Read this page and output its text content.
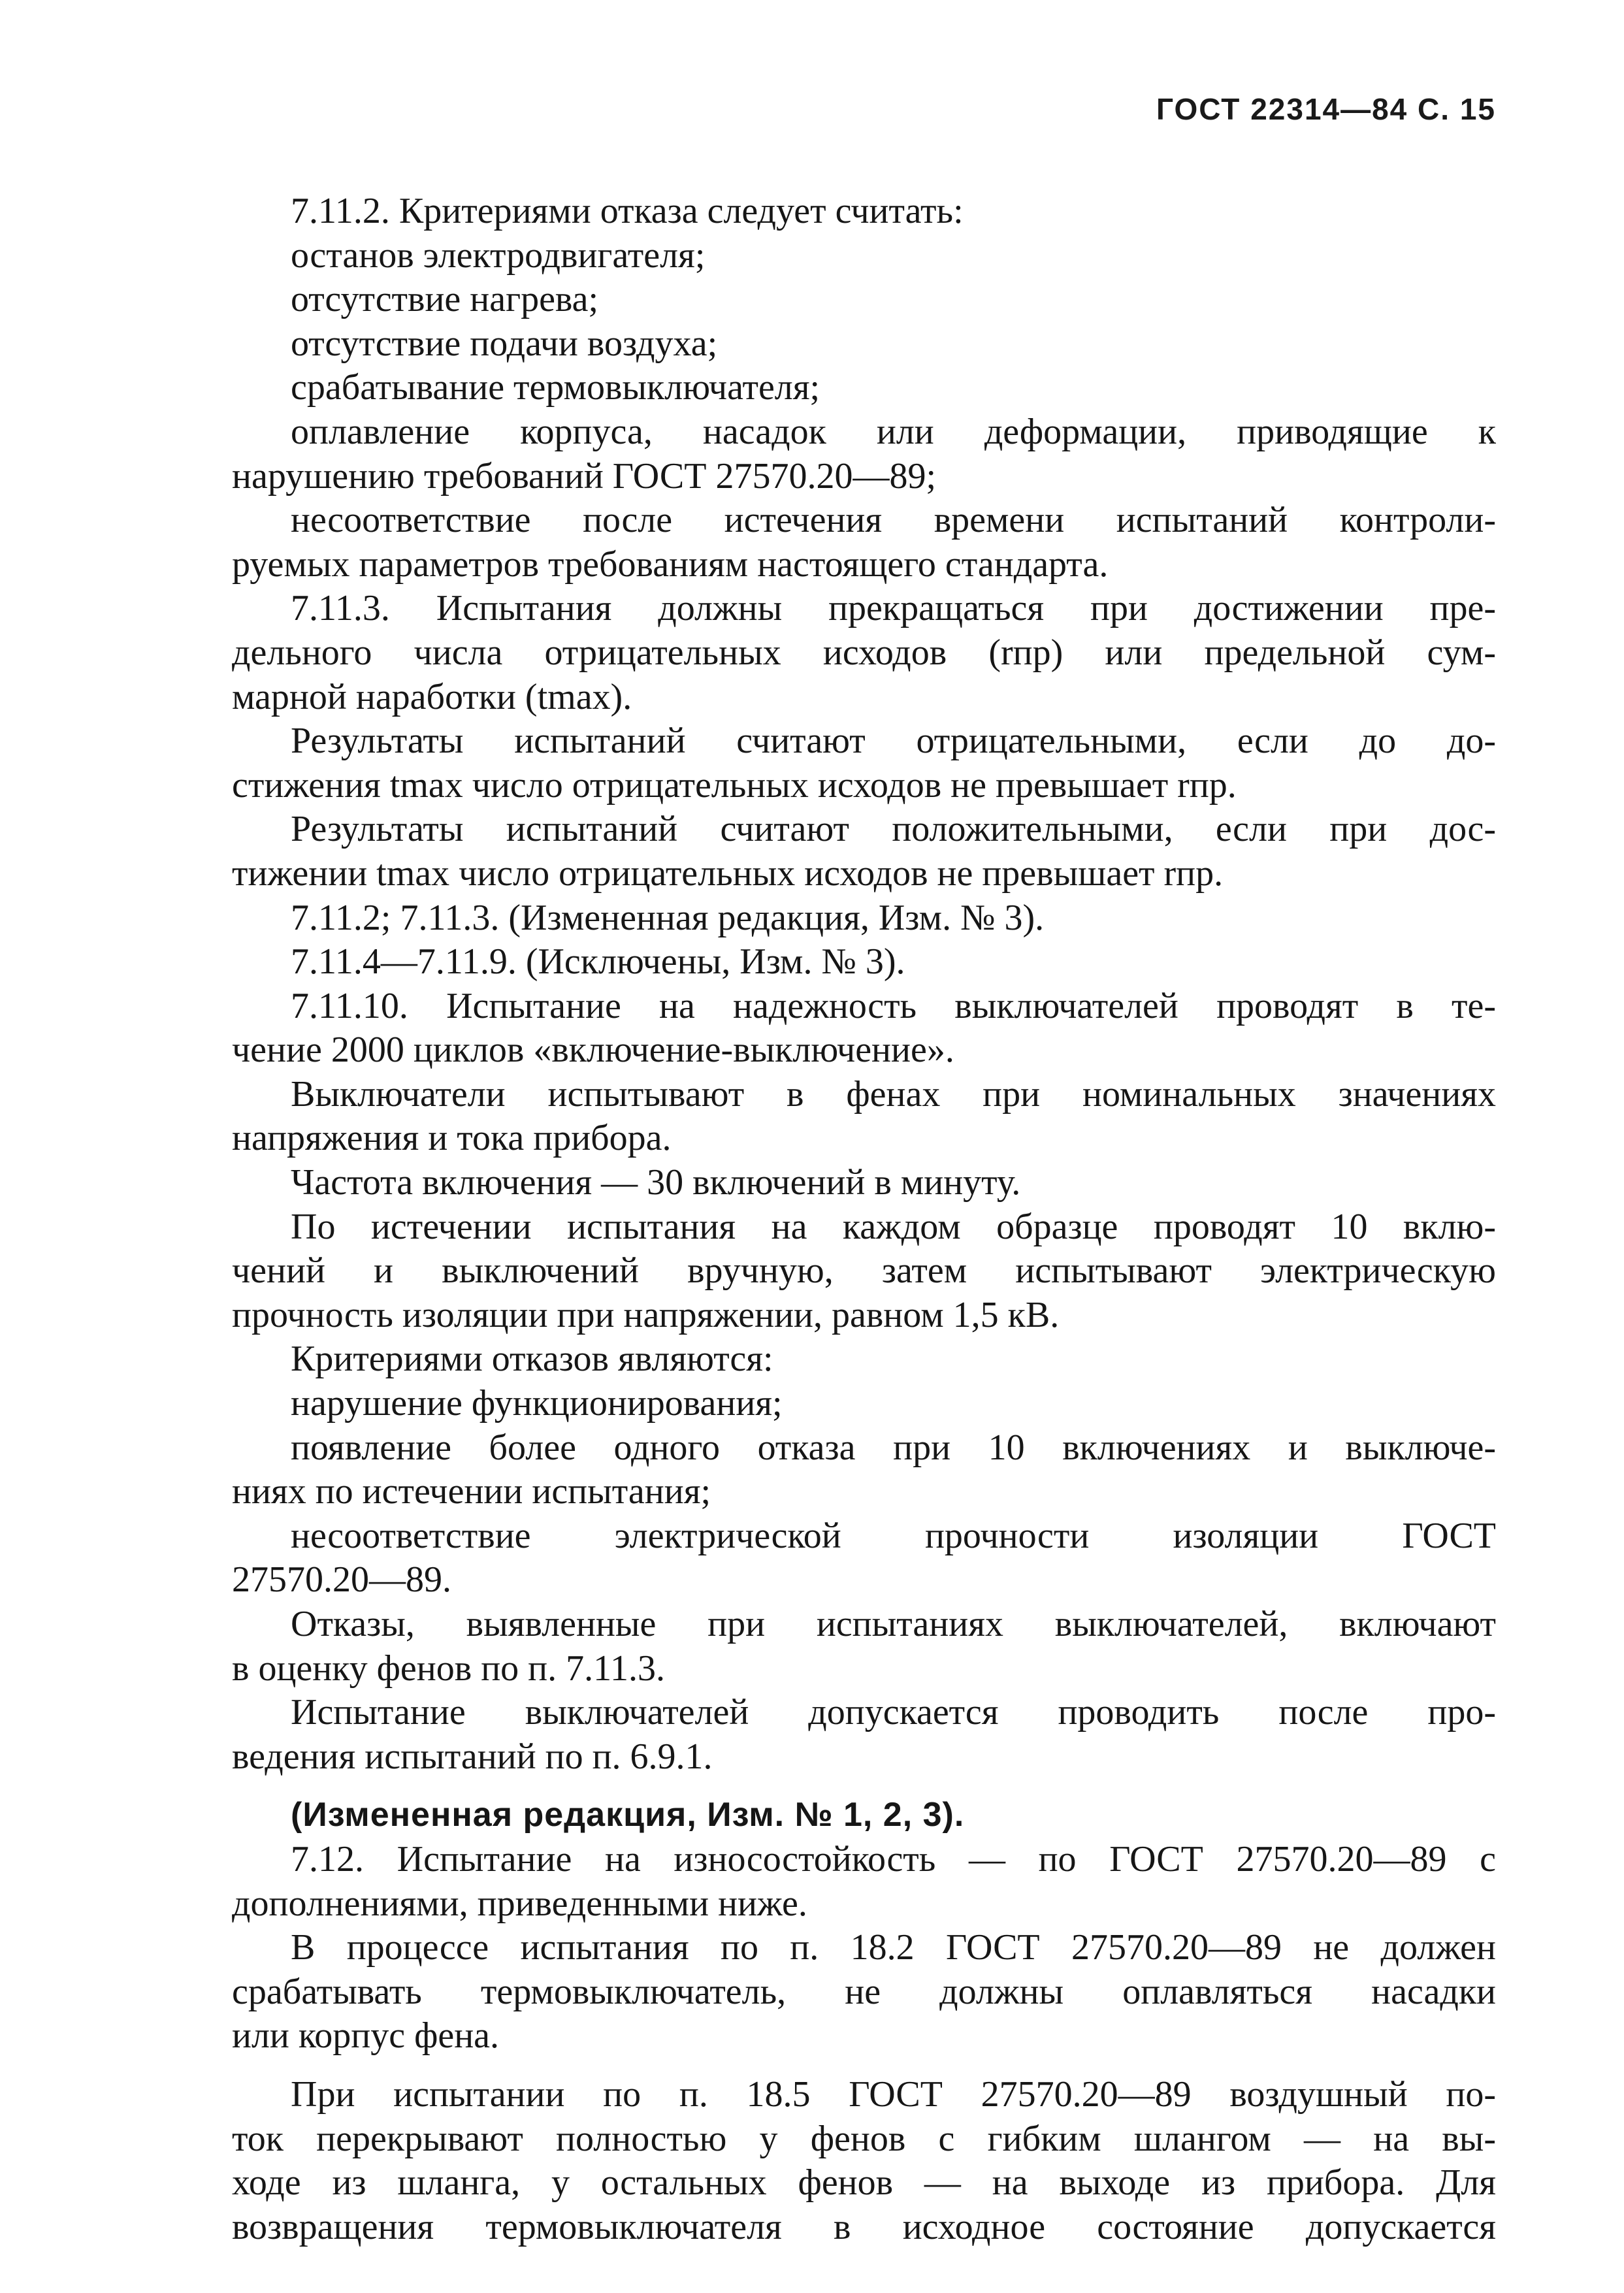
ГОСТ 22314—84 С. 15
7.11.2. Критериями отказа следует считать:
останов электродвигателя;
отсутствие нагрева;
отсутствие подачи воздуха;
срабатывание термовыключателя;
оплавление корпуса, насадок или деформации, приводящие к
нарушению требований ГОСТ 27570.20—89;
несоответствие после истечения времени испытаний контроли-
руемых параметров требованиям настоящего стандарта.
7.11.3. Испытания должны прекращаться при достижении пре-
дельного числа отрицательных исходов (rпр) или предельной сум-
марной наработки (tmax).
Результаты испытаний считают отрицательными, если до до-
стижения tmax число отрицательных исходов не превышает rпр.
Результаты испытаний считают положительными, если при дос-
тижении tmax число отрицательных исходов не превышает rпр.
7.11.2; 7.11.3. (Измененная редакция, Изм. № 3).
7.11.4—7.11.9. (Исключены, Изм. № 3).
7.11.10. Испытание на надежность выключателей проводят в те-
чение 2000 циклов «включение-выключение».
Выключатели испытывают в фенах при номинальных значениях
напряжения и тока прибора.
Частота включения — 30 включений в минуту.
По истечении испытания на каждом образце проводят 10 вклю-
чений и выключений вручную, затем испытывают электрическую
прочность изоляции при напряжении, равном 1,5 кВ.
Критериями отказов являются:
нарушение функционирования;
появление более одного отказа при 10 включениях и выключе-
ниях по истечении испытания;
несоответствие электрической прочности изоляции ГОСТ
27570.20—89.
Отказы, выявленные при испытаниях выключателей, включают
в оценку фенов по п. 7.11.3.
Испытание выключателей допускается проводить после про-
ведения испытаний по п. 6.9.1.
(Измененная редакция, Изм. № 1, 2, 3).
7.12. Испытание на износостойкость — по ГОСТ 27570.20—89 с
дополнениями, приведенными ниже.
В процессе испытания по п. 18.2 ГОСТ 27570.20—89 не должен
срабатывать термовыключатель, не должны оплавляться насадки
или корпус фена.
При испытании по п. 18.5 ГОСТ 27570.20—89 воздушный по-
ток перекрывают полностью у фенов с гибким шлангом — на вы-
ходе из шланга, у остальных фенов — на выходе из прибора. Для
возвращения термовыключателя в исходное состояние допускается
